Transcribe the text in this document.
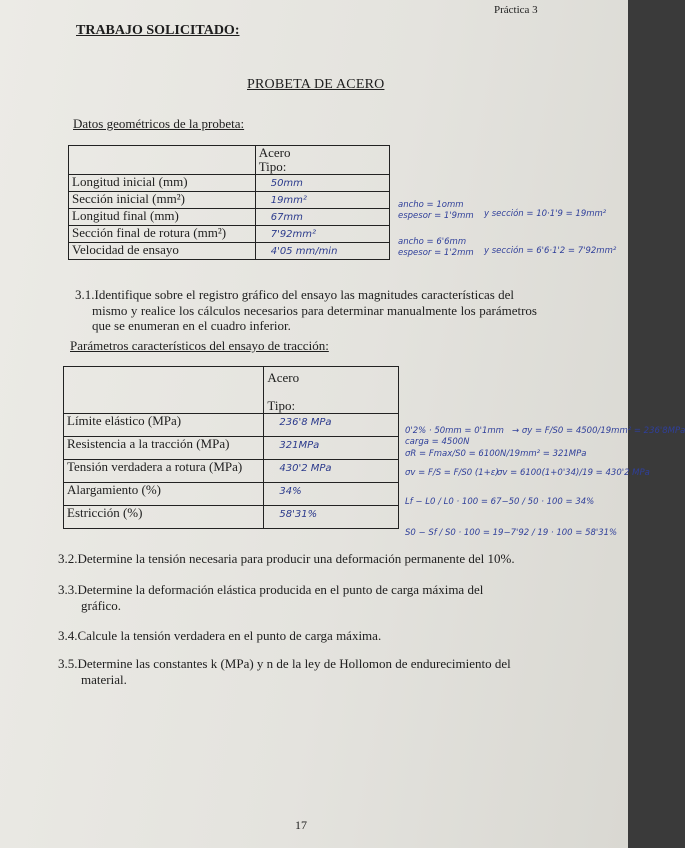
Práctica 3
TRABAJO SOLICITADO:
PROBETA DE ACERO
Datos geométricos de la probeta:
	Acero
Tipo:
Longitud inicial (mm)	50mm
Sección inicial (mm²)	19mm²
Longitud final (mm)	67mm
Sección final de rotura (mm²)	7'92mm²
Velocidad de ensayo	4'05 mm/min
ancho = 1omm
espesor = 1'9mm y sección = 10·1'9 = 19mm²
ancho = 6'6mm
espesor = 1'2mm y sección = 6'6·1'2 = 7'92mm²
3.1.Identifique sobre el registro gráfico del ensayo las magnitudes características del
mismo y realice los cálculos necesarios para determinar manualmente los parámetros que se enumeran en el cuadro inferior.
Parámetros característicos del ensayo de tracción:

Acero

Tipo:
Límite elástico (MPa)	236'8 MPa
Resistencia a la tracción (MPa)	321MPa
Tensión verdadera a rotura (MPa)	430'2 MPa
Alargamiento (%)	34%
Estricción (%)	58'31%
0'2% · 50mm = 0'1mm → σy = F/S0 = 4500/19mm² = 236'8MPa
carga = 4500N
σR = Fmax/S0 = 6100N/19mm² = 321MPa
σv = F/S = F/S0 (1+ε)
σv = 6100(1+0'34)/19 = 430'2 MPa
Lf − L0 / L0 · 100 = 67−50 / 50 · 100 = 34%
S0 − Sf / S0 · 100 = 19−7'92 / 19 · 100 = 58'31%
3.2.Determine la tensión necesaria para producir una deformación permanente del 10%.
3.3.Determine la deformación elástica producida en el punto de carga máxima del
gráfico.
3.4.Calcule la tensión verdadera en el punto de carga máxima.
3.5.Determine las constantes k (MPa) y n de la ley de Hollomon de endurecimiento del
material.
17
